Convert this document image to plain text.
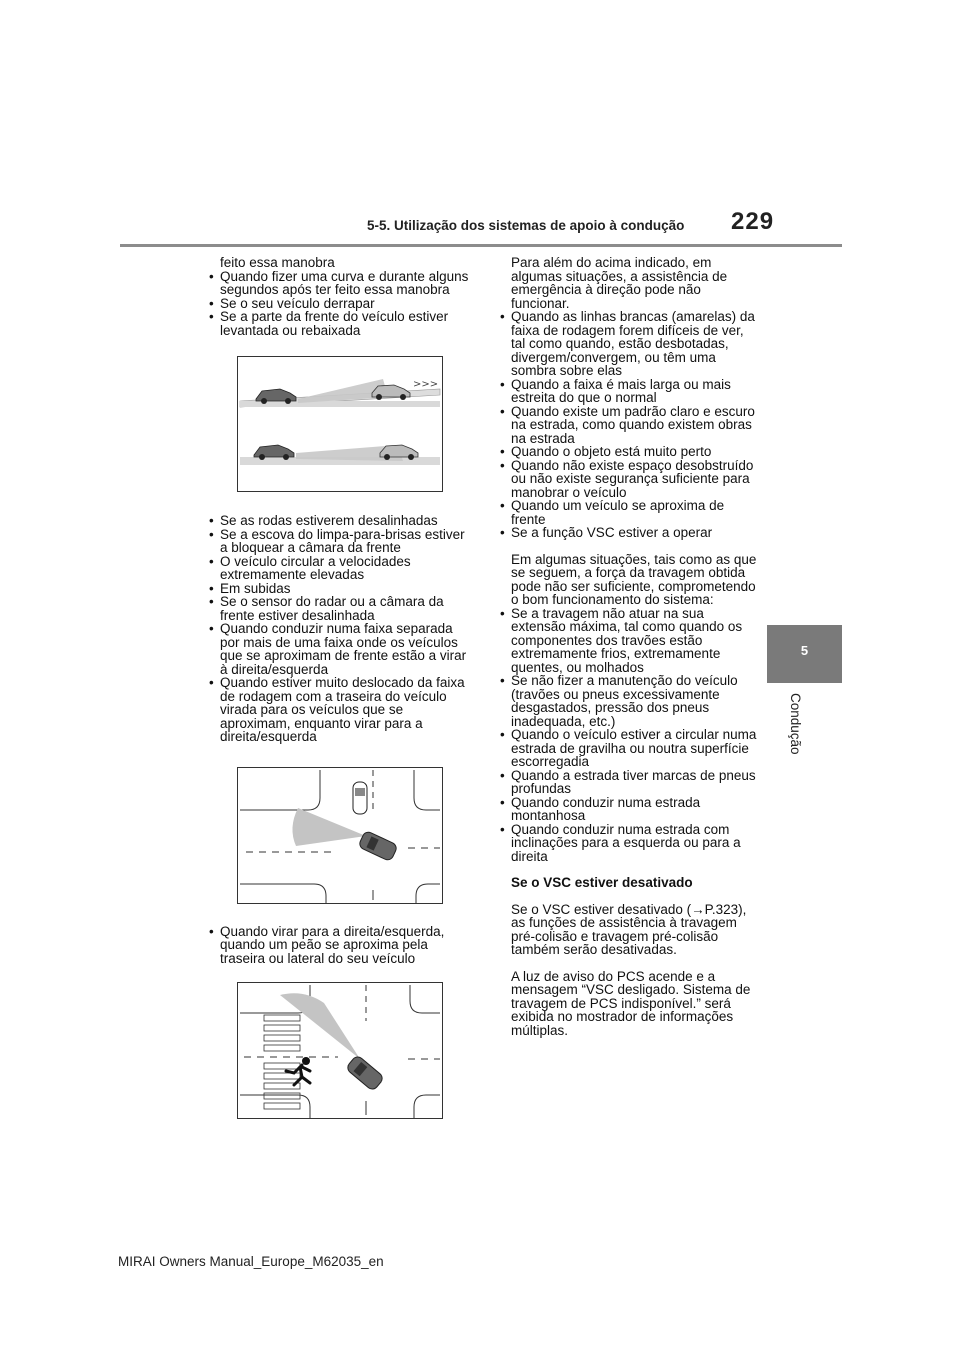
5-5. Utilização dos sistemas de apoio à condução 229
5
Condução

feito essa manobra

• Quando fizer uma curva e durante alguns segundos após ter feito essa manobra
• Se o seu veículo derrapar
• Se a parte da frente do veículo estiver levantada ou rebaixada
>>>
• Se as rodas estiverem desalinhadas
• Se a escova do limpa-para-brisas estiver a bloquear a câmara da frente
• O veículo circular a velocidades extremamente elevadas
• Em subidas
• Se o sensor do radar ou a câmara da frente estiver desalinhada
• Quando conduzir numa faixa separada por mais de uma faixa onde os veículos que se aproximam de frente estão a virar à direita/esquerda
• Quando estiver muito deslocado da faixa de rodagem com a traseira do veículo virada para os veículos que se aproximam, enquanto virar para a direita/esquerda
• Quando virar para a direita/esquerda, quando um peão se aproxima pela traseira ou lateral do seu veículo

Para além do acima indicado, em algumas situações, a assistência de emergência à direção pode não funcionar.

• Quando as linhas brancas (amarelas) da faixa de rodagem forem difíceis de ver, tal como quando, estão desbotadas, divergem/convergem, ou têm uma sombra sobre elas
• Quando a faixa é mais larga ou mais estreita do que o normal
• Quando existe um padrão claro e escuro na estrada, como quando existem obras na estrada
• Quando o objeto está muito perto
• Quando não existe espaço desobstruído ou não existe segurança suficiente para manobrar o veículo
• Quando um veículo se aproxima de frente
• Se a função VSC estiver a operar

Em algumas situações, tais como as que se seguem, a força da travagem obtida pode não ser suficiente, comprometendo o bom funcionamento do sistema:

• Se a travagem não atuar na sua extensão máxima, tal como quando os componentes dos travões estão extremamente frios, extremamente quentes, ou molhados
• Se não fizer a manutenção do veículo (travões ou pneus excessivamente desgastados, pressão dos pneus inadequada, etc.)
• Quando o veículo estiver a circular numa estrada de gravilha ou noutra superfície escorregadia
• Quando a estrada tiver marcas de pneus profundas
• Quando conduzir numa estrada montanhosa
• Quando conduzir numa estrada com inclinações para a esquerda ou para a direita

Se o VSC estiver desativado

Se o VSC estiver desativado (→P.323), as funções de assistência à travagem pré-colisão e travagem pré-colisão também serão desativadas.

A luz de aviso do PCS acende e a mensagem “VSC desligado. Sistema de travagem de PCS indisponível.” será exibida no mostrador de informações múltiplas.

MIRAI Owners Manual_Europe_M62035_en
